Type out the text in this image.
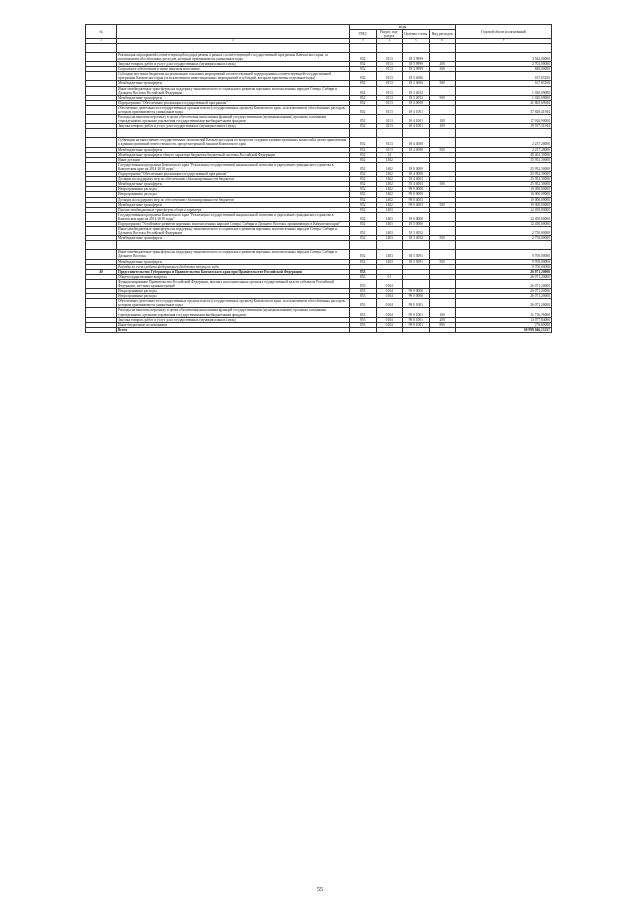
№		коды				Годовой объем ассигнований
		ГРБС	Раздел, под-раздел	Целевая статья	Вид расходов	
1	2	3	4	5	6	7

	Реализация мероприятий соответствующей подпрограммы в рамках соответствующей государственной программы Камчатского края, за исключением обособленных расходов, которым присваиваются уникальные коды	852	0113	18 3 9999		3 542,00000
	Закупка товаров, работ и услуг для государственных (муниципальных) нужд	852	0113	18 3 9999	200	2 702,00000
	Социальное обеспечение и иные выплаты населению	852	0113	18 3 9999	300	840,00000
	Субсидии местным бюджетам на реализацию основных мероприятий соответствующей подпрограммы соответствующей государственной программы Камчатского края (за исключением инвестиционных мероприятий и субсидий, которым присвоены отдельные коды)	852	0113	18 3 4006		167,83100
	Межбюджетные трансферты	852	0113	18 3 4006	500	167,83100
	Иные межбюджетные трансферты на поддержку экономического и социального развития коренных малочисленных народов Севера, Сибири и Дальнего Востока Российской Федерации	852	0113	18 3 4052		1 020,09000
	Межбюджетные трансферты	852	0113	18 3 4052	500	1 020,09000
	Подпрограмма "Обеспечение реализации государственной программы"	852	0113	18 4 0000		41 865,69944
	Обеспечение деятельности государственных органов власти (государственных органов) Камчатского края, за исключением обособленных расходов, которым присваиваются уникальные коды	852	0113	18 4 1001		37 828,41944
	Расходы на выплаты персоналу в целях обеспечения выполнения функций государственными (муниципальными) органами, казенными учреждениями, органами управления государственными внебюджетными фондами	852	0113	18 4 1001	100	17 910,90000
	Закупка товаров, работ и услуг для государственных (муниципальных) нужд	852	0113	18 4 1001	200	19 917,51944

	Субвенции на выполнение государственных полномочий Камчатского края по вопросам создания административных комиссий в целях привлечения к административной ответственности, предусмотренной законом Камчатского края	852	0113	18 4 4008		2 237,28000
	Межбюджетные трансферты	852	0113	18 4 4008	500	2 237,28000
	Межбюджетные трансферты общего характера бюджетам бюджетной системы Российской Федерации	852	14			48 402,30000
	Иные дотации	852	1402			35 952,30000
	Государственная программа Камчатского края "Реализация государственной национальной политики и укрепление гражданского единства в Камчатском крае на 2014-2018 годы"	852	1402	18 0 0000		25 952,30000
	Подпрограмма "Обеспечение реализации государственной программы"	852	1402	18 4 0000		25 952,30000
	Дотации на поддержку мер по обеспечению сбалансированности бюджетов	852	1402	18 4 4003		25 952,30000
	Межбюджетные трансферты	852	1402	18 4 4003	500	25 952,30000
	Непрограммные расходы	852	1402	99 0 0000		10 000,00000
	Непрограммные расходы	852	1402	99 0 0000		10 000,00000
	Дотации на поддержку мер по обеспечению сбалансированности бюджетов	852	1402	99 0 4003		10 000,00000
	Межбюджетные трансферты	852	1402	99 0 4003	500	10 000,00000
	Прочие межбюджетные трансферты общего характера	852	1403			12 450,00000
	Государственная программа Камчатского края "Реализация государственной национальной политики и укрепление гражданского единства в Камчатском крае на 2014-2018 годы"	852	1403	18 0 0000		12 450,00000
	Подпрограмма "Устойчивое развитие коренных малочисленных народов Севера, Сибири и Дальнего Востока, проживающих в Камчатском крае"	852	1403	18 3 0000		12 450,00000
	Иные межбюджетные трансферты на поддержку экономического и социального развития коренных малочисленных народов Севера, Сибири и Дальнего Востока Российской Федерации	852	1403	18 3 4052		2 750,00000
	Межбюджетные трансферты	852	1403	18 3 4052	500	2 750,00000

	Иные межбюджетные трансферты на поддержку экономического и социального развития коренных малочисленных народов Севера, Сибири и Дальнего Востока	852	1403	18 3 5091		9 700,00000
	Межбюджетные трансферты	852	1403	18 3 5091	500	9 700,00000
	Расходы за счет средств федерального бюджета текущего года					9 700,00000
40	Представительство Губернатора и Правительства Камчатского края при Правительстве Российской Федерации	853				26 071,20000
	Общегосударственные вопросы	853	01			26 071,20000
	Функционирование Правительства Российской Федерации, высших исполнительных органов государственной власти субъектов Российской Федерации, местных администраций	853	0104			26 071,20000
	Непрограммные расходы	853	0104	99 0 0000		26 071,20000
	Непрограммные расходы	853	0104	99 0 0000		26 071,20000
	Обеспечение деятельности государственных органов власти (государственных органов) Камчатского края, за исключением обособленных расходов, которым присваиваются уникальные коды	853	0104	99 0 1001		26 071,20000
	Расходы на выплаты персоналу в целях обеспечения выполнения функций государственными (муниципальными) органами, казенными учреждениями, органами управления государственными внебюджетными фондами	853	0104	99 0 1001	100	11 716,76000
	Закупка товаров, работ и услуг для государственных (муниципальных) нужд	853	0104	99 0 1001	200	14 077,84000
	Иные бюджетные ассигнования	853	0104	99 0 1001	800	276,60000
	Всего					60 998 046,13237
55
